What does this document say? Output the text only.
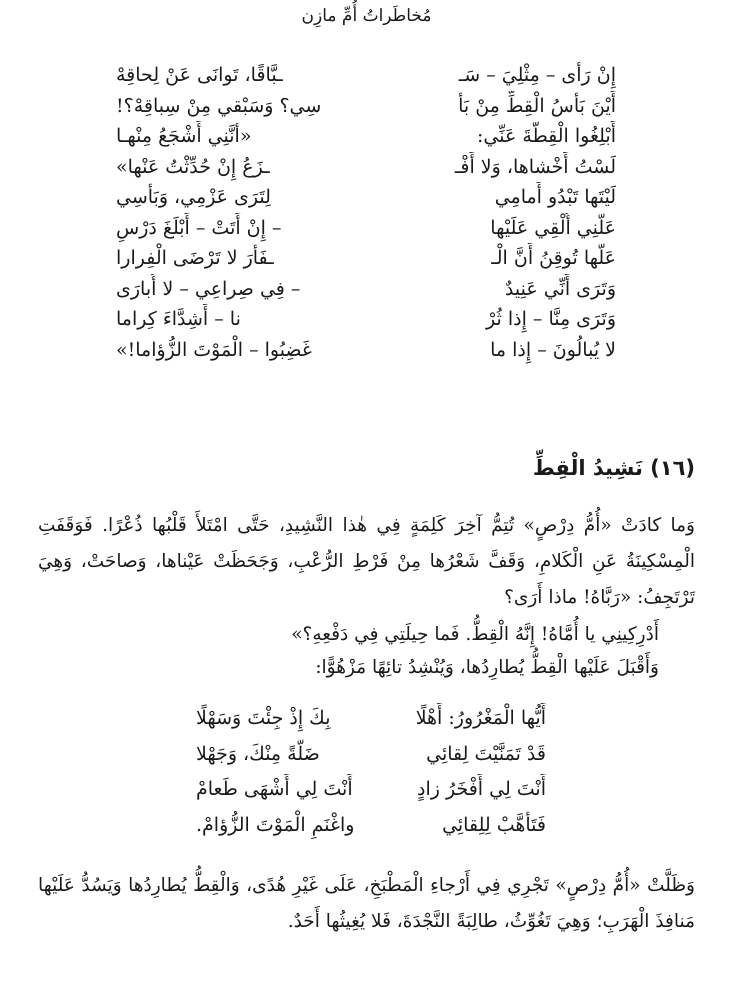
مُخاطَراتُ أُمِّ مازِن
إِنْ رَأى – مِثْلِيَ – سَـ
ـبَّاقًا، تَوانَى عَنْ لِحاقِهْ
أَيْنَ بَأْسُ الْقِطِّ مِنْ بَأْ
سِي؟ وَسَبْقي مِنْ سِباقِهْ؟!
أَبْلِغُوا الْقِطَّةَ عَنِّي:
«أنَّنِي أَشْجَعُ مِنْهـا
لَسْتُ أَخْشاها، وَلا أَفْـ
ـزَعُ إِنْ حُدِّثْتُ عَنْها»
لَيْتَها تَبْدُو أَمامِي
لِتَرَى عَزْمِي، وَبَأْسِي
عَلَّنِي أُلْقِي عَلَيْها
– إِنْ أَتَتْ – أَبْلَغَ دَرْسِ
عَلَّها تُوقِنُ أَنَّ الْـ
ـفَأْرَ لا تَرْضَى الْفِرارا
وَتَرَى أَنِّي عَنِيدٌ
– فِي صِراعِي – لا أُبارَى
وَتَرَى مِنَّا – إِذا ثُرْ
نا – أَشِدَّاءَ كِراما
لا يُبالُونَ – إِذا ما
غَضِبُوا – الْمَوْتَ الزُّؤاما!»
(١٦) نَشِيدُ الْقِطِّ

وَما كادَتْ «أُمُّ دِرْصٍ» تُتِمُّ آخِرَ كَلِمَةٍ فِي هٰذا النَّشِيدِ، حَتَّى امْتَلأَ قَلْبُها ذُعْرًا. فَوَقَفَتِ الْمِسْكِينَةُ عَنِ الْكَلامِ، وَقَفَّ شَعْرُها مِنْ فَرْطِ الرُّعْبِ، وَجَحَظَتْ عَيْناها، وَصاحَتْ، وَهِيَ تَرْتَجِفُ: «رَبَّاهُ! ماذا أَرَى؟

أَدْرِكِينِي يا أُمَّاهُ! إِنَّهُ الْقِطُّ. فَما حِيلَتِي فِي دَفْعِهِ؟»
وَأَقْبَلَ عَلَيْها الْقِطُّ يُطارِدُها، وَيُنْشِدُ تائِهًا مَزْهُوًّا:
أَيُّها الْمَغْرُورُ: أَهْلًا
بِكَ إِذْ جِئْتَ وَسَهْلًا
قَدْ تَمَنَّيْتَ لِقائِي
ضَلَّةً مِنْكَ، وَجَهْلا
أَنْتَ لِي أَفْخَرُ زادٍ
أَنْتَ لِي أَشْهَى طَعامْ
فَتَأَهَّبْ لِلِقائِي
واغْنَمِ الْمَوْتَ الزُّؤامْ.

وَظَلَّتْ «أُمُّ دِرْصٍ» تَجْرِي فِي أَرْجاءِ الْمَطْبَخِ، عَلَى غَيْرِ هُدًى، وَالْقِطُّ يُطارِدُها وَيَسُدُّ عَلَيْها مَنافِذَ الْهَرَبِ؛ وَهِيَ تَغُوِّثُ، طالِبَةً النَّجْدَةَ، فَلا يُغِيثُها أَحَدٌ.
